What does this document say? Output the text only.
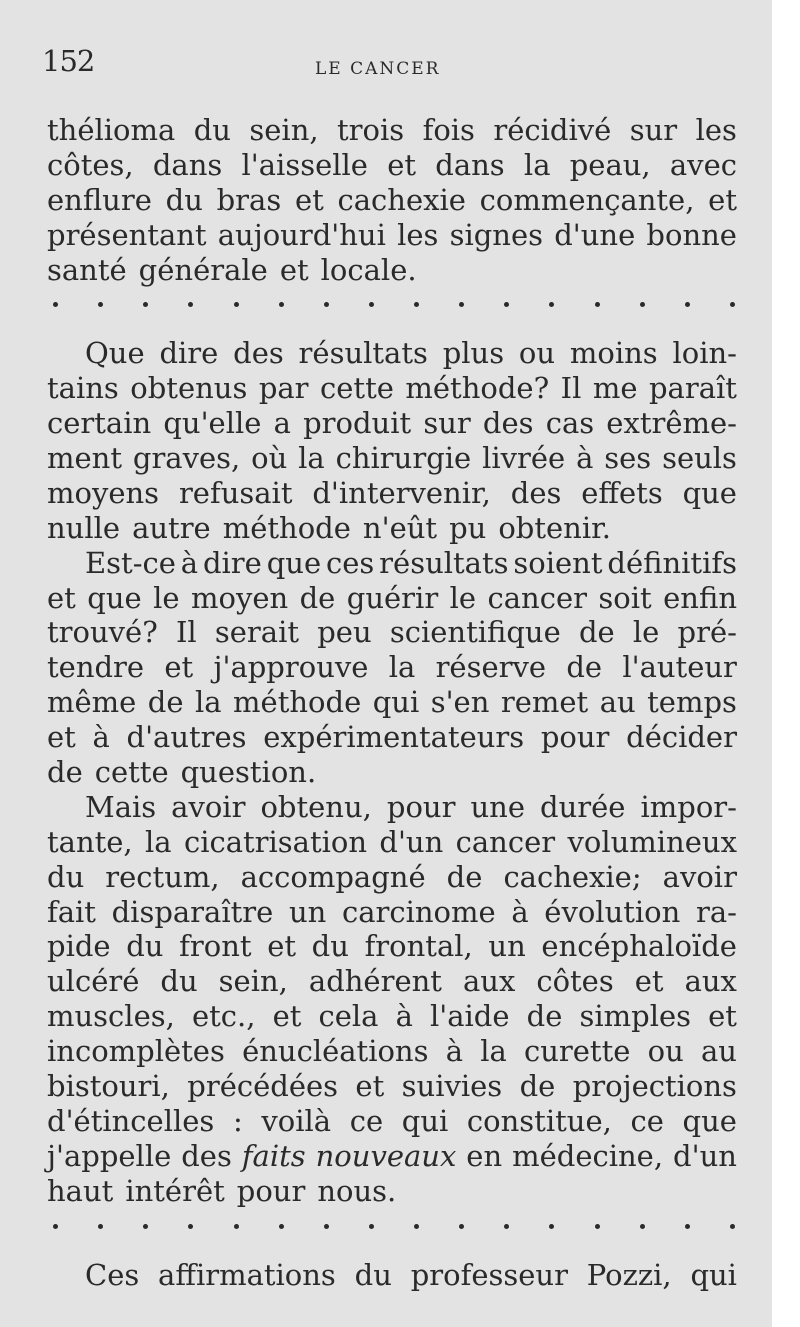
152	LE CANCER
thélioma du sein, trois fois récidivé sur les
côtes, dans l'aisselle et dans la peau, avec
enflure du bras et cachexie commençante, et
présentant aujourd'hui les signes d'une bonne
santé générale et locale.
Que dire des résultats plus ou moins loin-
tains obtenus par cette méthode? Il me paraît
certain qu'elle a produit sur des cas extrême-
ment graves, où la chirurgie livrée à ses seuls
moyens refusait d'intervenir, des effets que
nulle autre méthode n'eût pu obtenir.
Est-ce à dire que ces résultats soient définitifs
et que le moyen de guérir le cancer soit enfin
trouvé? Il serait peu scientifique de le pré-
tendre et j'approuve la réserve de l'auteur
même de la méthode qui s'en remet au temps
et à d'autres expérimentateurs pour décider
de cette question.
Mais avoir obtenu, pour une durée impor-
tante, la cicatrisation d'un cancer volumineux
du rectum, accompagné de cachexie; avoir
fait disparaître un carcinome à évolution ra-
pide du front et du frontal, un encéphaloïde
ulcéré du sein, adhérent aux côtes et aux
muscles, etc., et cela à l'aide de simples et
incomplètes énucléations à la curette ou au
bistouri, précédées et suivies de projections
d'étincelles : voilà ce qui constitue, ce que
j'appelle des faits nouveaux en médecine, d'un
haut intérêt pour nous.
Ces affirmations du professeur Pozzi, qui
